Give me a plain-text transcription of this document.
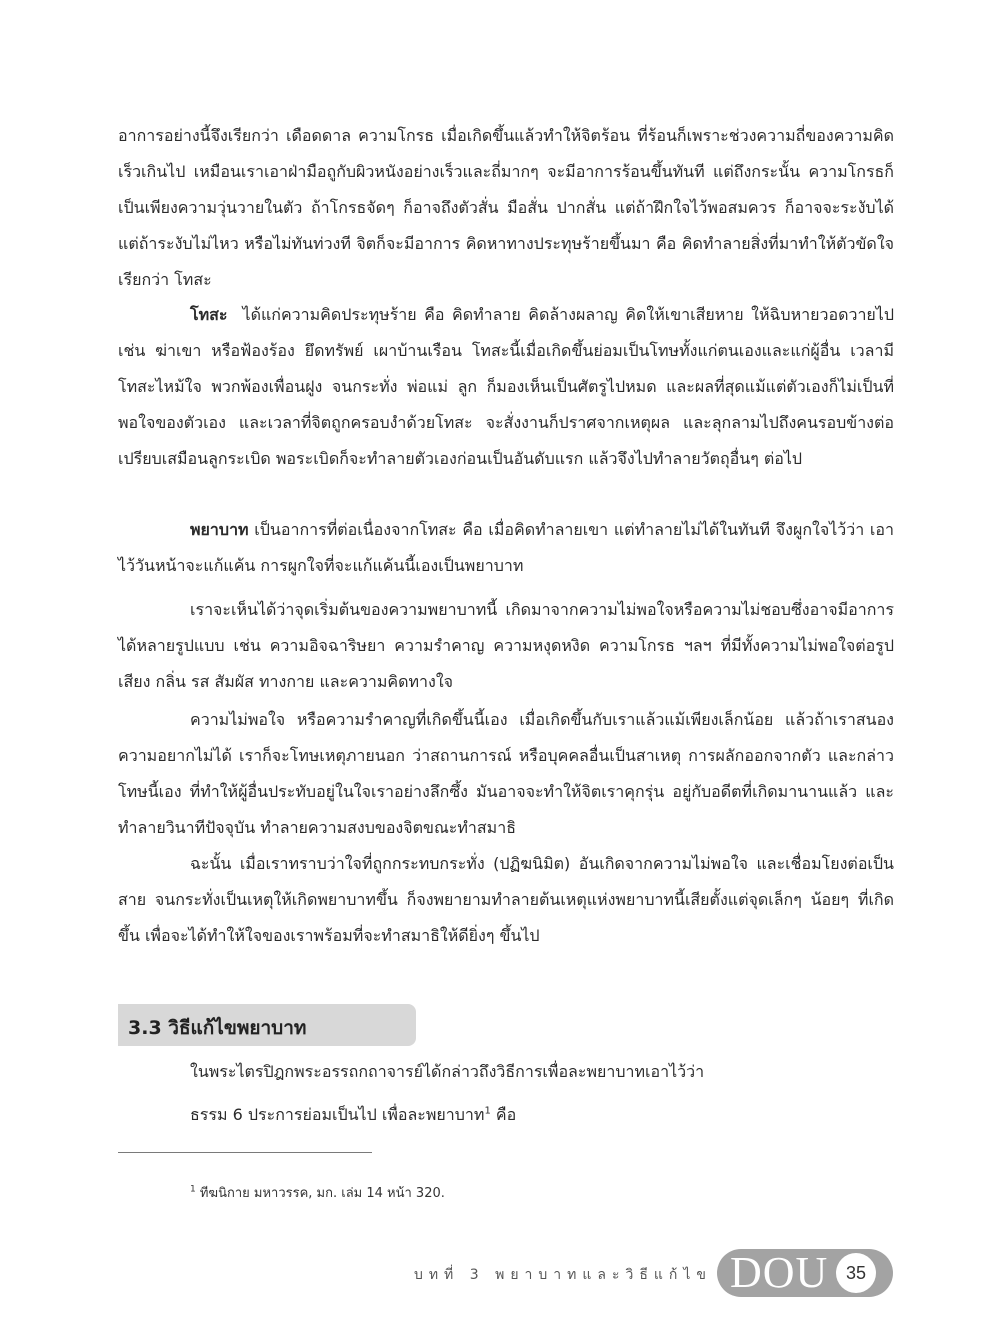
อาการอย่างนี้จึงเรียกว่า เดือดดาล ความโกรธ เมื่อเกิดขึ้นแล้วทำให้จิตร้อน ที่ร้อนก็เพราะช่วงความถี่ของความคิดเร็วเกินไป เหมือนเราเอาฝ่ามือถูกับผิวหนังอย่างเร็วและถี่มากๆ จะมีอาการร้อนขึ้นทันที แต่ถึงกระนั้น ความโกรธก็เป็นเพียงความวุ่นวายในตัว ถ้าโกรธจัดๆ ก็อาจถึงตัวสั่น มือสั่น ปากสั่น แต่ถ้าฝึกใจไว้พอสมควร ก็อาจจะระงับได้ แต่ถ้าระงับไม่ไหว หรือไม่ทันท่วงที จิตก็จะมีอาการ คิดหาทางประทุษร้ายขึ้นมา คือ คิดทำลายสิ่งที่มาทำให้ตัวขัดใจ เรียกว่า โทสะ

โทสะ ได้แก่ความคิดประทุษร้าย คือ คิดทำลาย คิดล้างผลาญ คิดให้เขาเสียหาย ให้ฉิบหายวอดวายไป เช่น ฆ่าเขา หรือฟ้องร้อง ยึดทรัพย์ เผาบ้านเรือน โทสะนี้เมื่อเกิดขึ้นย่อมเป็นโทษทั้งแก่ตนเองและแก่ผู้อื่น เวลามีโทสะไหม้ใจ พวกพ้องเพื่อนฝูง จนกระทั่ง พ่อแม่ ลูก ก็มองเห็นเป็นศัตรูไปหมด และผลที่สุดแม้แต่ตัวเองก็ไม่เป็นที่พอใจของตัวเอง และเวลาที่จิตถูกครอบงำด้วยโทสะ จะสั่งงานก็ปราศจากเหตุผล และลุกลามไปถึงคนรอบข้างต่อ เปรียบเสมือนลูกระเบิด พอระเบิดก็จะทำลายตัวเองก่อนเป็นอันดับแรก แล้วจึงไปทำลายวัตถุอื่นๆ ต่อไป

พยาบาท เป็นอาการที่ต่อเนื่องจากโทสะ คือ เมื่อคิดทำลายเขา แต่ทำลายไม่ได้ในทันที จึงผูกใจไว้ว่า เอาไว้วันหน้าจะแก้แค้น การผูกใจที่จะแก้แค้นนี้เองเป็นพยาบาท

เราจะเห็นได้ว่าจุดเริ่มต้นของความพยาบาทนี้ เกิดมาจากความไม่พอใจหรือความไม่ชอบซึ่งอาจมีอาการได้หลายรูปแบบ เช่น ความอิจฉาริษยา ความรำคาญ ความหงุดหงิด ความโกรธ ฯลฯ ที่มีทั้งความไม่พอใจต่อรูป เสียง กลิ่น รส สัมผัส ทางกาย และความคิดทางใจ

ความไม่พอใจ หรือความรำคาญที่เกิดขึ้นนี้เอง เมื่อเกิดขึ้นกับเราแล้วแม้เพียงเล็กน้อย แล้วถ้าเราสนองความอยากไม่ได้ เราก็จะโทษเหตุภายนอก ว่าสถานการณ์ หรือบุคคลอื่นเป็นสาเหตุ การผลักออกจากตัว และกล่าวโทษนี้เอง ที่ทำให้ผู้อื่นประทับอยู่ในใจเราอย่างลึกซึ้ง มันอาจจะทำให้จิตเราคุกรุ่น อยู่กับอดีตที่เกิดมานานแล้ว และทำลายวินาทีปัจจุบัน ทำลายความสงบของจิตขณะทำสมาธิ

ฉะนั้น เมื่อเราทราบว่าใจที่ถูกกระทบกระทั่ง (ปฏิฆนิมิต) อันเกิดจากความไม่พอใจ และเชื่อมโยงต่อเป็นสาย จนกระทั่งเป็นเหตุให้เกิดพยาบาทขึ้น ก็จงพยายามทำลายต้นเหตุแห่งพยาบาทนี้เสียตั้งแต่จุดเล็กๆ น้อยๆ ที่เกิดขึ้น เพื่อจะได้ทำให้ใจของเราพร้อมที่จะทำสมาธิให้ดียิ่งๆ ขึ้นไป

3.3 วิธีแก้ไขพยาบาท

ในพระไตรปิฎกพระอรรถกถาจารย์ได้กล่าวถึงวิธีการเพื่อละพยาบาทเอาไว้ว่า

ธรรม 6 ประการย่อมเป็นไป เพื่อละพยาบาท$^1$ คือ

$^1$ ทีฆนิกาย มหาวรรค, มก. เล่ม 14 หน้า 320.

บทที่ 3 พยาบาทและวิธีแก้ไข DOU 35
